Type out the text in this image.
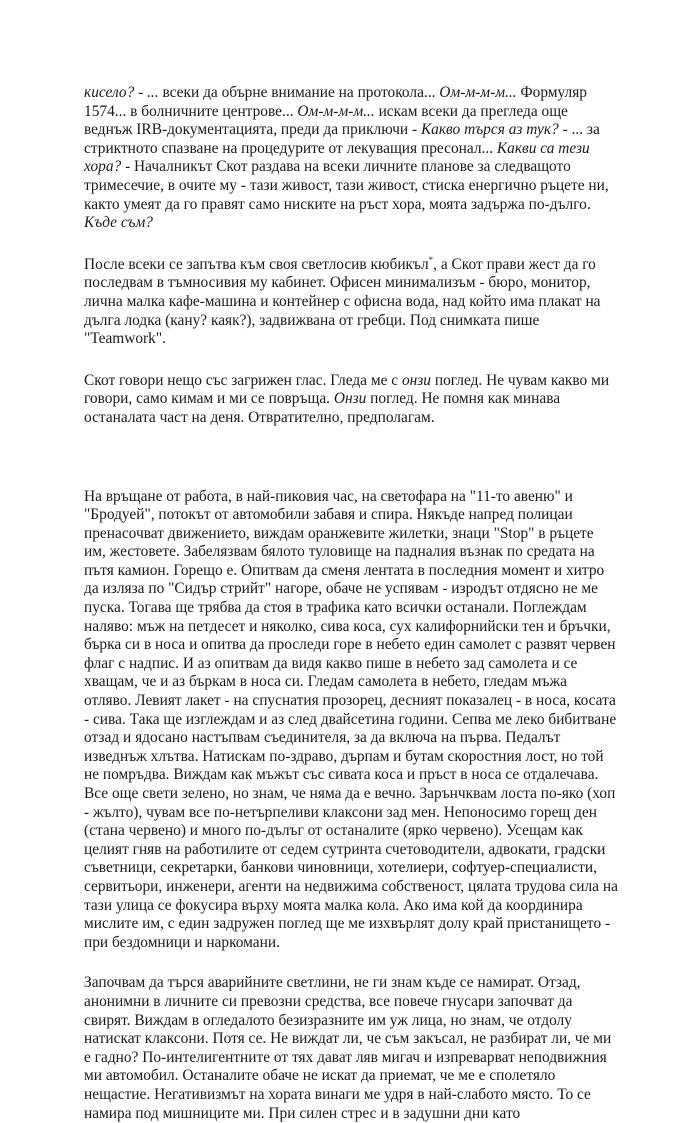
кисело? - ... всеки да обърне внимание на протокола... Ом-м-м-м... Формуляр 1574... в болничните центрове... Ом-м-м-м... искам всеки да прегледа още веднъж IRB-документацията, преди да приключи - Какво търся аз тук? - ... за стриктното спазване на процедурите от лекуващия пресонал... Какви са тези хора? - Началникът Скот раздава на всеки личните планове за следващото тримесечие, в очите му - тази живост, тази живост, стиска енергично ръцете ни, както умеят да го правят само ниските на ръст хора, моята задържа по-дълго. Къде съм?

После всеки се запътва към своя светлосив кюбикъл*, а Скот прави жест да го последвам в тъмносивия му кабинет. Офисен минимализъм - бюро, монитор, лична малка кафе-машина и контейнер с офисна вода, над който има плакат на дълга лодка (кану? каяк?), задвижвана от гребци. Под снимката пише "Teamwork".

Скот говори нещо със загрижен глас. Гледа ме с онзи поглед. Не чувам какво ми говори, само кимам и ми се повръща. Онзи поглед. Не помня как минава останалата част на деня. Отвратително, предполагам.

На връщане от работа, в най-пиковия час, на светофара на "11-то авеню" и "Бродуей", потокът от автомобили забавя и спира. Някъде напред полицаи пренасочват движението, виждам оранжевите жилетки, знаци "Stop" в ръцете им, жестовете. Забелязвам бялото туловище на падналия възнак по средата на пътя камион. Горещо е. Опитвам да сменя лентата в последния момент и хитро да изляза по "Сидър стрийт" нагоре, обаче не успявам - изродът отдясно не ме пуска. Тогава ще трябва да стоя в трафика като всички останали. Поглеждам наляво: мъж на петдесет и няколко, сива коса, сух калифорнийски тен и бръчки, бърка си в носа и опитва да проследи горе в небето един самолет с развят червен флаг с надпис. И аз опитвам да видя какво пише в небето зад самолета и се хващам, че и аз бъркам в носа си. Гледам самолета в небето, гледам мъжа отляво. Левият лакет - на спуснатия прозорец, десният показалец - в носа, косата - сива. Така ще изглеждам и аз след двайсетина години. Сепва ме леко бибитване отзад и ядосано настъпвам съединителя, за да включа на първа. Педалът изведнъж хлътва. Натискам по-здраво, дърпам и бутам скоростния лост, но той не помръдва. Виждам как мъжът със сивата коса и пръст в носа се отдалечава. Все още свети зелено, но знам, че няма да е вечно. Зарънчквам лоста по-яко (хоп - жълто), чувам все по-нетърпеливи клаксони зад мен. Непоносимо горещ ден (стана червено) и много по-дълъг от останалите (ярко червено). Усещам как целият гняв на работилите от седем сутринта счетоводители, адвокати, градски съветници, секретарки, банкови чиновници, хотелиери, софтуер-специалисти, сервитьори, инженери, агенти на недвижима собственост, цялата трудова сила на тази улица се фокусира върху моята малка кола. Ако има кой да координира мислите им, с един задружен поглед ще ме изхвърлят долу край пристанището - при бездомници и наркомани.

Започвам да търся аварийните светлини, не ги знам къде се намират. Отзад, анонимни в личните си превозни средства, все повече гнусари започват да свирят. Виждам в огледалото безизразните им уж лица, но знам, че отдолу натискат клаксони. Потя се. Не виждат ли, че съм закъсал, не разбират ли, че ми е гадно? По-интелигентните от тях дават ляв мигач и изпреварват неподвижния ми автомобил. Останалите обаче не искат да приемат, че ме е сполетяло нещастие. Негативизмът на хората винаги ме удря в най-слабото място. То се намира под мишниците ми. При силен стрес и в задушни дни като
